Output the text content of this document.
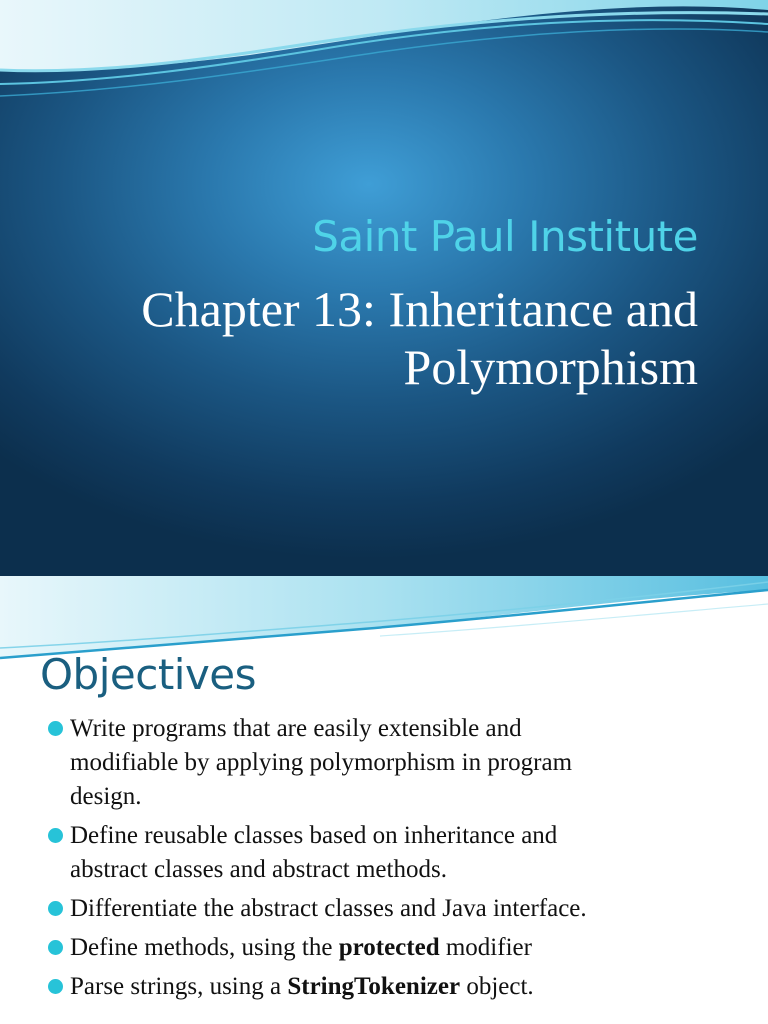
Saint Paul Institute
Chapter 13: Inheritance and
Polymorphism
Objectives
Write programs that are easily extensible and
modifiable by applying polymorphism in program
design.
Define reusable classes based on inheritance and
abstract classes and abstract methods.
Differentiate the abstract classes and Java interface.
Define methods, using the protected modifier
Parse strings, using a StringTokenizer object.
